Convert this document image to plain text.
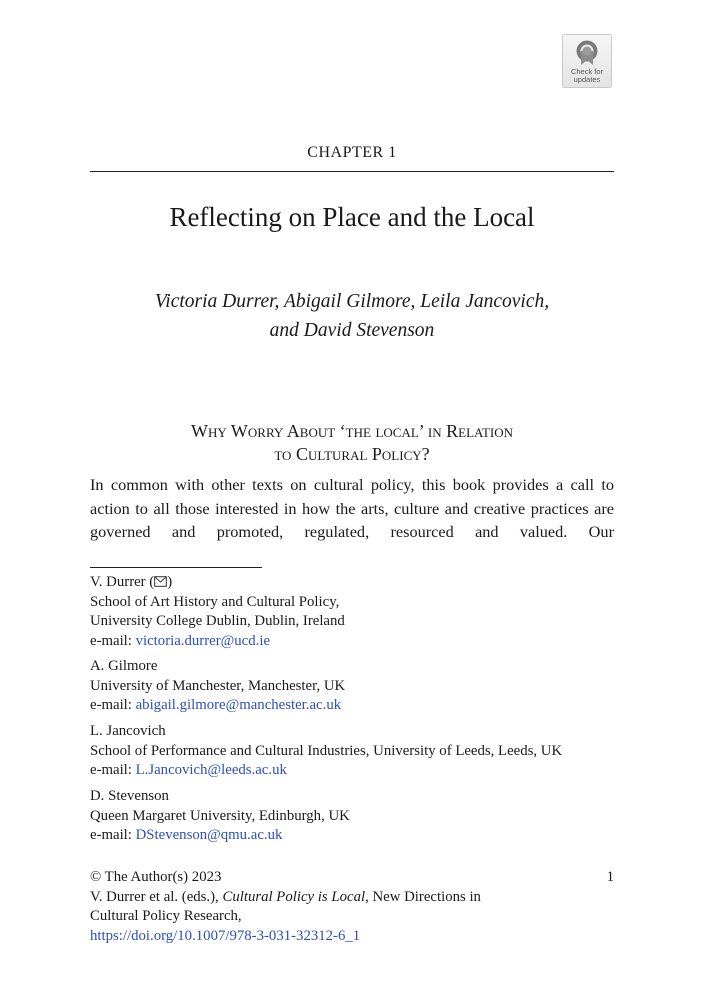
Check for
updates
CHAPTER 1
Reflecting on Place and the Local
Victoria Durrer, Abigail Gilmore, Leila Jancovich,
and David Stevenson
Why Worry About ‘the local’ in Relation
to Cultural Policy?
In common with other texts on cultural policy, this book provides a call to action to all those interested in how the arts, culture and creative practices are governed and promoted, regulated, resourced and valued. Our
V. Durrer ( )
School of Art History and Cultural Policy,
University College Dublin, Dublin, Ireland
e-mail: victoria.durrer@ucd.ie
A. Gilmore
University of Manchester, Manchester, UK
e-mail: abigail.gilmore@manchester.ac.uk
L. Jancovich
School of Performance and Cultural Industries, University of Leeds, Leeds, UK
e-mail: L.Jancovich@leeds.ac.uk
D. Stevenson
Queen Margaret University, Edinburgh, UK
e-mail: DStevenson@qmu.ac.uk
© The Author(s) 2023
V. Durrer et al. (eds.), Cultural Policy is Local, New Directions in
Cultural Policy Research,
https://doi.org/10.1007/978-3-031-32312-6_1
1
